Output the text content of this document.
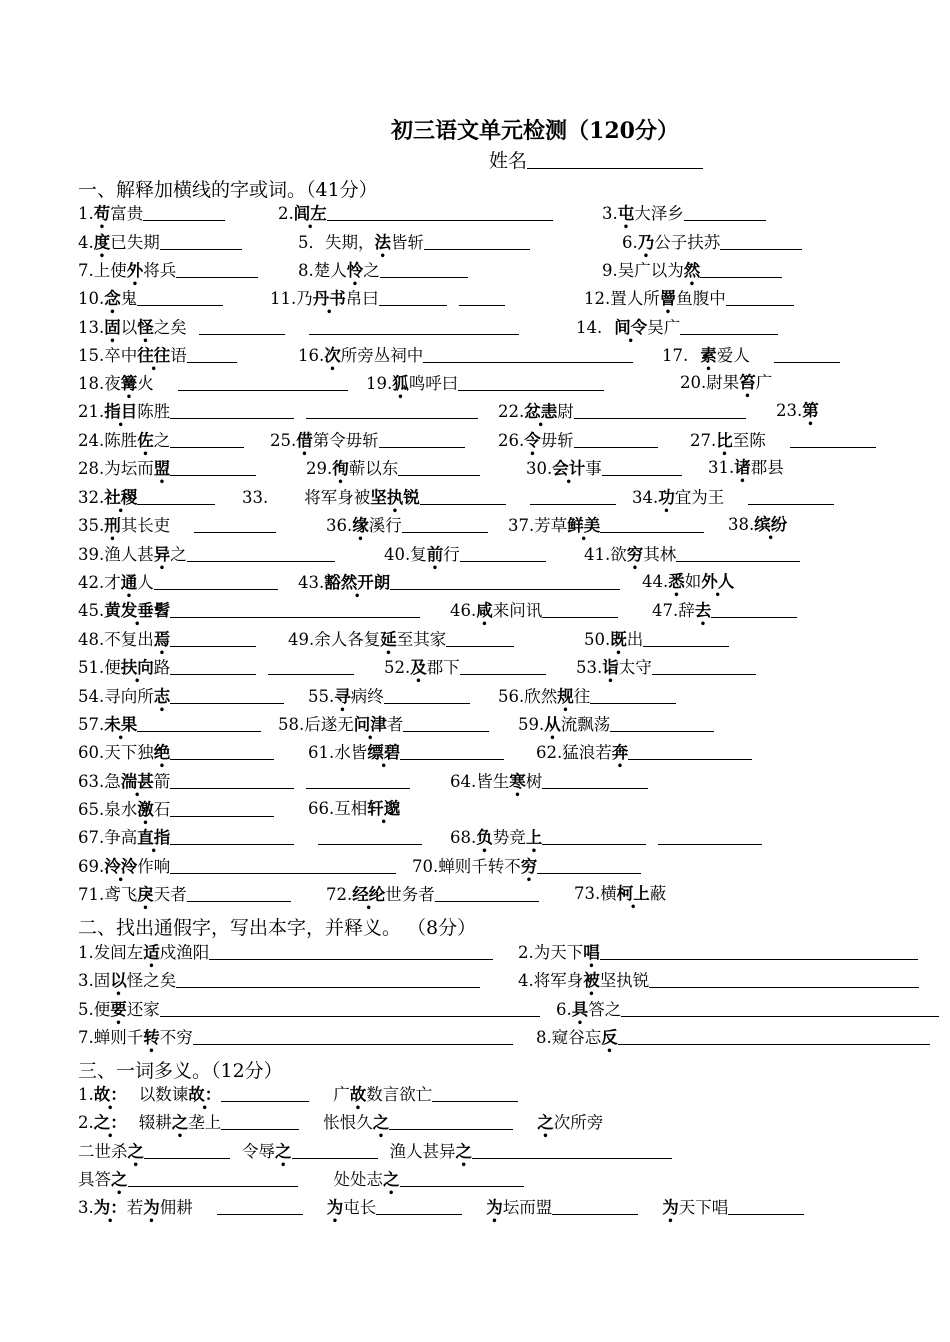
初三语文单元检测（120分）
姓名
一、解释加横线的字或词。（41分）
1.苟富贵	2.闾左	3.屯大泽乡
4.度已失期	5．失期，法皆斩	6.乃公子扶苏
7.上使外将兵	8.楚人怜之	9.吴广以为然
10.念鬼	11.乃丹书帛曰	12.置人所罾鱼腹中
13.固以怪之矣	14. 间令吴广
15.卒中往往语	16.次所旁丛祠中	17. 素爱人
18.夜篝火	19.狐鸣呼曰	20.尉果笞广
21.指目陈胜	22.忿恚尉	23.第
24.陈胜佐之	25.借第令毋斩	26.令毋斩	27.比至陈
28.为坛而盟	29.徇蕲以东	30.会计事	31.诸郡县
32.社稷	33. 将军身被坚执锐	34.功宜为王
35.刑其长吏	36.缘溪行	37.芳草鲜美	38.缤纷
39.渔人甚异之	40.复前行	41.欲穷其林
42.才通人	43.豁然开朗	44.悉如外人
45.黄发垂髫	46.咸来问讯	47.辞去
48.不复出焉	49.余人各复延至其家	50.既出
51.便扶向路	52.及郡下	53.诣太守
54.寻向所志	55.寻病终	56.欣然规往
57.未果	58.后遂无问津者	59.从流飘荡
60.天下独绝	61.水皆缥碧	62.猛浪若奔
63.急湍甚箭	64.皆生寒树
65.泉水激石	66.互相轩邈
67.争高直指	68.负势竞上
69.泠泠作响	70.蝉则千转不穷
71.鸢飞戾天者	72.经纶世务者	73.横柯上蔽
二、找出通假字，写出本字，并释义。 （8分）
1.发闾左适戍渔阳	2.为天下唱
3.固以怪之矣	4.将军身被坚执锐
5.便要还家	6.具答之
7.蝉则千转不穷	8.窥谷忘反
三、一词多义。（12分）
1.故： • 以数谏故： •	广故数言欲亡
2.之： • 辍耕之垄上	怅恨久之	之次所旁
二世杀之	令辱之	渔人甚异之
具答之	处处志之
3.为： •若为佣耕	为屯长	为坛而盟	为天下唱
